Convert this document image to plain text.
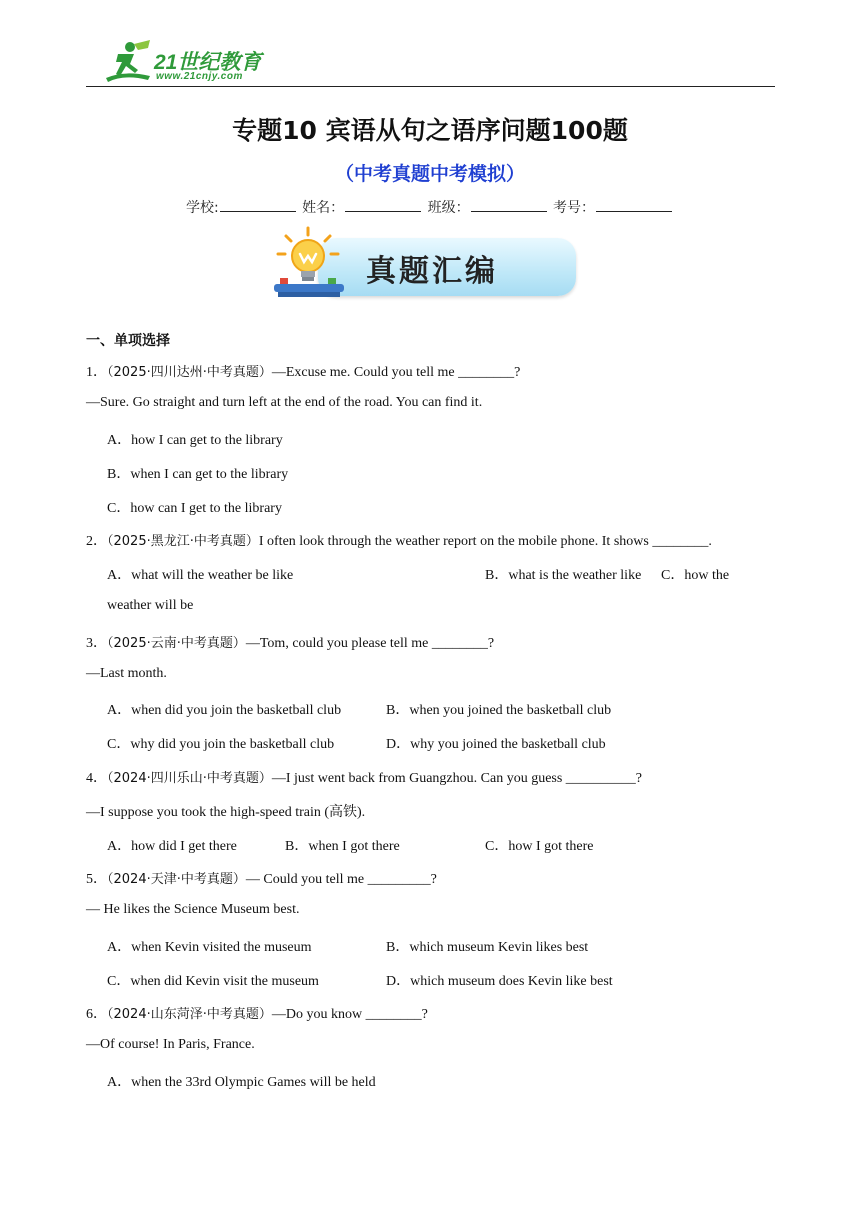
21世纪教育
www.21cnjy.com
专题10 宾语从句之语序问题100题
（中考真题中考模拟）
学校:	姓名：	班级：	考号：
真题汇编
一、单项选择
1．（2025·四川达州·中考真题）—Excuse me. Could you tell me ________?
—Sure. Go straight and turn left at the end of the road. You can find it.
A．how I can get to the library
B．when I can get to the library
C．how can I get to the library
2．（2025·黑龙江·中考真题）I often look through the weather report on the mobile phone. It shows ________.
A．what will the weather be like	B．what is the weather like C．how the
weather will be
3．（2025·云南·中考真题）—Tom, could you please tell me ________?
—Last month.
A．when did you join the basketball club	B．when you joined the basketball club
C．why did you join the basketball club	D．why you joined the basketball club
4．（2024·四川乐山·中考真题）—I just went back from Guangzhou. Can you guess __________?
—I suppose you took the high-speed train (高铁).
A．how did I get there	B．when I got there	C．how I got there
5．（2024·天津·中考真题）— Could you tell me _________?
— He likes the Science Museum best.
A．when Kevin visited the museum	B．which museum Kevin likes best
C．when did Kevin visit the museum	D．which museum does Kevin like best
6．（2024·山东菏泽·中考真题）—Do you know ________?
—Of course! In Paris, France.
A．when the 33rd Olympic Games will be held
